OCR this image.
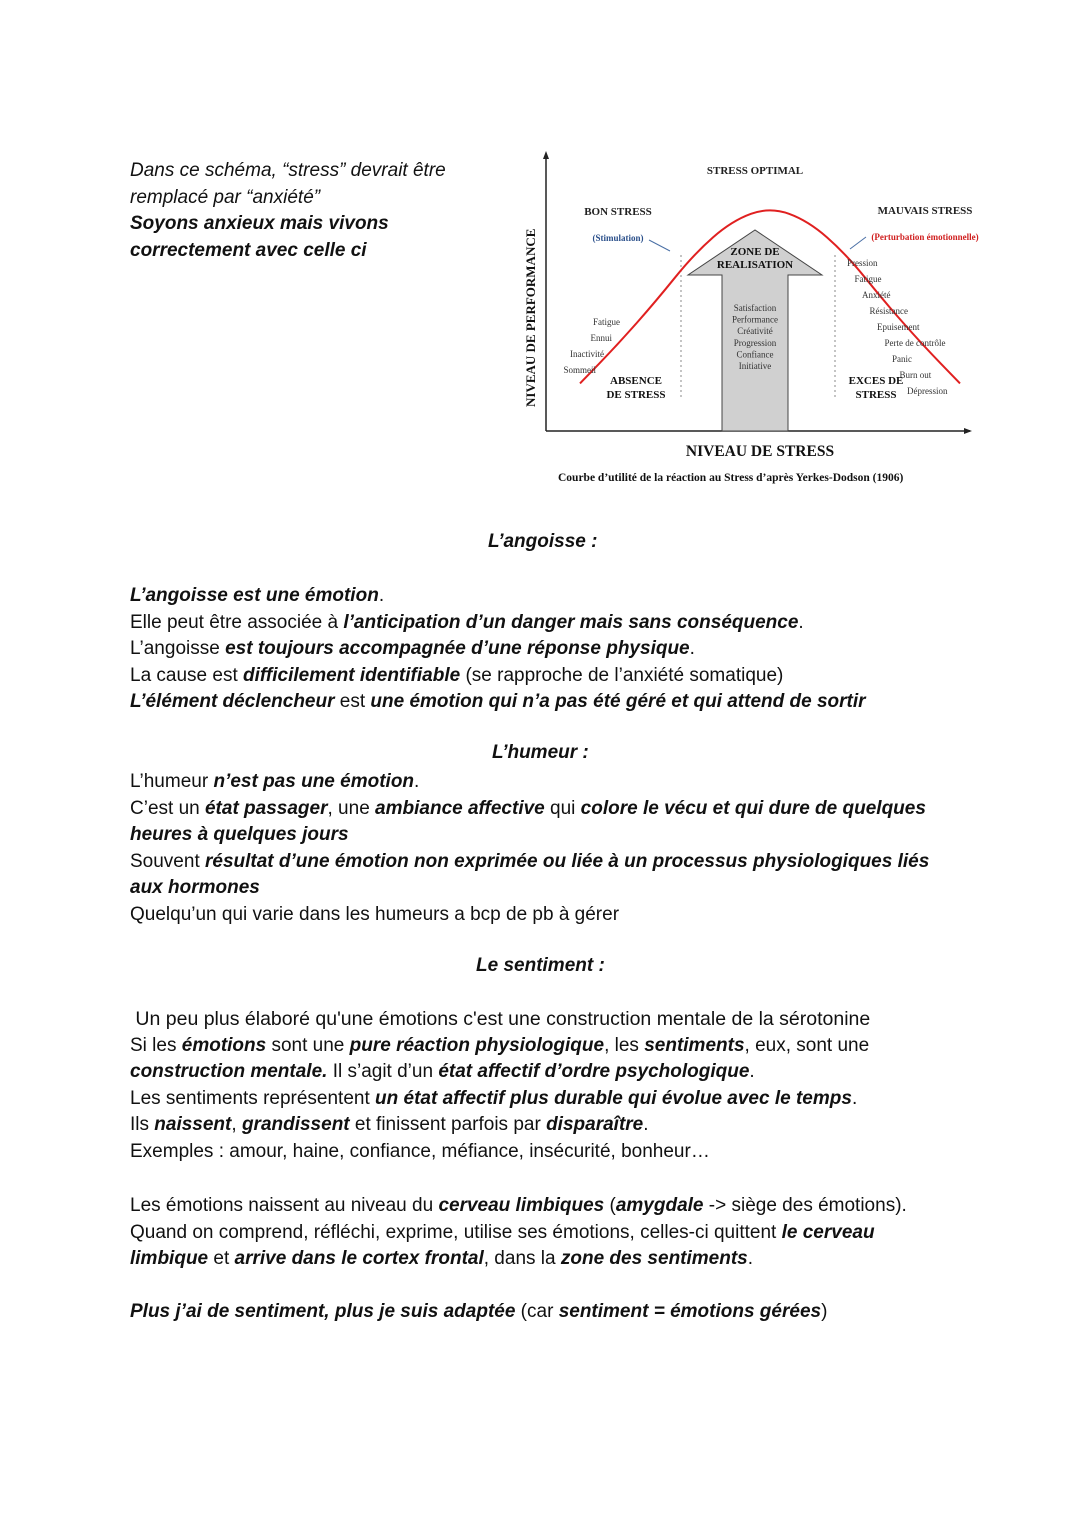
Dans ce schéma, “stress” devrait être
remplacé par “anxiété”
Soyons anxieux mais vivons
correctement avec celle ci	NIVEAU DE PERFORMANCE
NIVEAU DE STRESS
STRESS OPTIMAL
BON STRESS
(Stimulation)
MAUVAIS STRESS
(Perturbation émotionnelle)
ZONE DE
REALISATION
ABSENCE
DE STRESS
EXCES DE
STRESS
Fatigue
Ennui
Inactivité
Sommeil
Satisfaction
Performance
Créativité
Progression
Confiance
Initiative
Pression
Fatigue
Anxiété
Résistance
Epuisement
Perte de contrôle
Panic
Burn out
Dépression
Courbe d’utilité de la réaction au Stress d’après Yerkes-Dodson (1906)
L’angoisse :

L’angoisse est une émotion.

Elle peut être associée à l’anticipation d’un danger mais sans conséquence.

L’angoisse est toujours accompagnée d’une réponse physique.

La cause est difficilement identifiable (se rapproche de l’anxiété somatique)

L’élément déclencheur est une émotion qui n’a pas été géré et qui attend de sortir

L’humeur :

L’humeur n’est pas une émotion.

C’est un état passager, une ambiance affective qui colore le vécu et qui dure de quelques

heures à quelques jours

Souvent résultat d’une émotion non exprimée ou liée à un processus physiologiques liés

aux hormones

Quelqu’un qui varie dans les humeurs a bcp de pb à gérer

Le sentiment :

Un peu plus élaboré qu'une émotions c'est une construction mentale de la sérotonine

Si les émotions sont une pure réaction physiologique, les sentiments, eux, sont une

construction mentale. Il s’agit d’un état affectif d’ordre psychologique.

Les sentiments représentent un état affectif plus durable qui évolue avec le temps.

Ils naissent, grandissent et finissent parfois par disparaître.

Exemples : amour, haine, confiance, méfiance, insécurité, bonheur…

Les émotions naissent au niveau du cerveau limbiques (amygdale -> siège des émotions).

Quand on comprend, réfléchi, exprime, utilise ses émotions, celles-ci quittent le cerveau

limbique et arrive dans le cortex frontal, dans la zone des sentiments.

Plus j’ai de sentiment, plus je suis adaptée (car sentiment = émotions gérées)
